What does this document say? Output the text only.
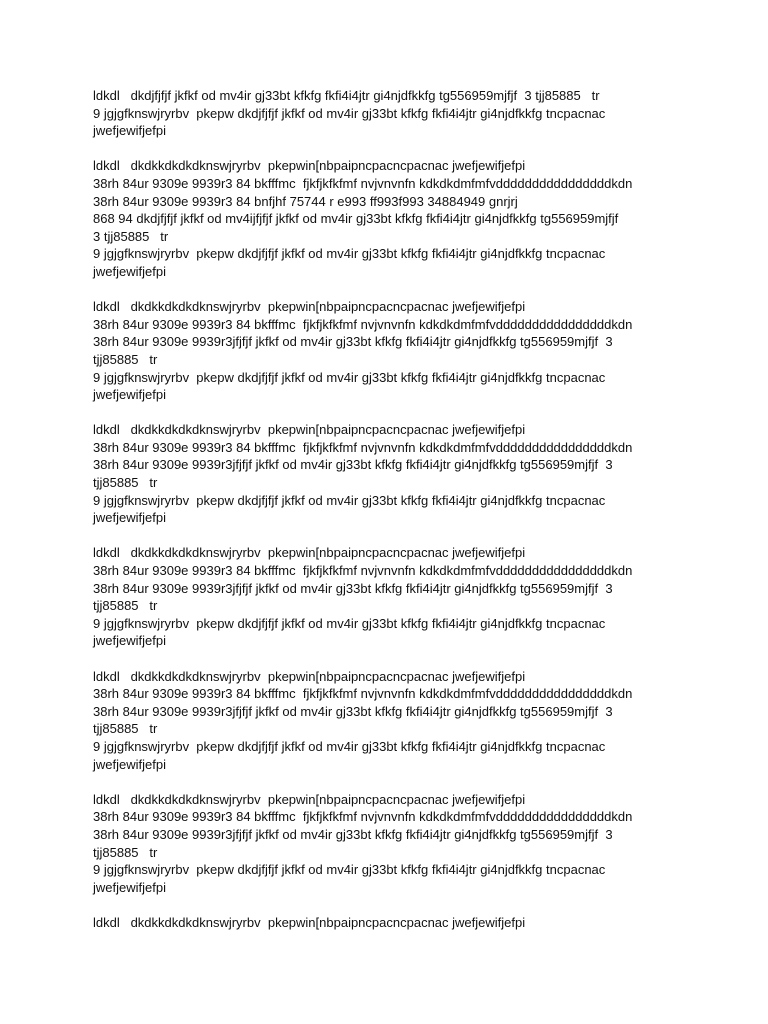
ldkdl   dkdjfjfjf jkfkf od mv4ir gj33bt kfkfg fkfi4i4jtr gi4njdfkkfg tg556959mjfjf  3 tjj85885   tr
9 jgjgfknswjryrbv  pkepw dkdjfjfjf jkfkf od mv4ir gj33bt kfkfg fkfi4i4jtr gi4njdfkkfg tncpacnac
jwefjewifjefpi
ldkdl   dkdkkdkdkdknswjryrbv  pkepwin[nbpaipncpacncpacnac jwefjewifjefpi
38rh 84ur 9309e 9939r3 84 bkfffmc  fjkfjkfkfmf nvjvnvnfn kdkdkdmfmfvddddddddddddddddkdn
38rh 84ur 9309e 9939r3 84 bnfjhf 75744 r e993 ff993f993 34884949 gnrjrj
868 94 dkdjfjfjf jkfkf od mv4ijfjfjf jkfkf od mv4ir gj33bt kfkfg fkfi4i4jtr gi4njdfkkfg tg556959mjfjf
3 tjj85885   tr
9 jgjgfknswjryrbv  pkepw dkdjfjfjf jkfkf od mv4ir gj33bt kfkfg fkfi4i4jtr gi4njdfkkfg tncpacnac
jwefjewifjefpi
ldkdl   dkdkkdkdkdknswjryrbv  pkepwin[nbpaipncpacncpacnac jwefjewifjefpi
38rh 84ur 9309e 9939r3 84 bkfffmc  fjkfjkfkfmf nvjvnvnfn kdkdkdmfmfvddddddddddddddddkdn
38rh 84ur 9309e 9939r3jfjfjf jkfkf od mv4ir gj33bt kfkfg fkfi4i4jtr gi4njdfkkfg tg556959mjfjf  3
tjj85885   tr
9 jgjgfknswjryrbv  pkepw dkdjfjfjf jkfkf od mv4ir gj33bt kfkfg fkfi4i4jtr gi4njdfkkfg tncpacnac
jwefjewifjefpi
ldkdl   dkdkkdkdkdknswjryrbv  pkepwin[nbpaipncpacncpacnac jwefjewifjefpi
38rh 84ur 9309e 9939r3 84 bkfffmc  fjkfjkfkfmf nvjvnvnfn kdkdkdmfmfvddddddddddddddddkdn
38rh 84ur 9309e 9939r3jfjfjf jkfkf od mv4ir gj33bt kfkfg fkfi4i4jtr gi4njdfkkfg tg556959mjfjf  3
tjj85885   tr
9 jgjgfknswjryrbv  pkepw dkdjfjfjf jkfkf od mv4ir gj33bt kfkfg fkfi4i4jtr gi4njdfkkfg tncpacnac
jwefjewifjefpi
ldkdl   dkdkkdkdkdknswjryrbv  pkepwin[nbpaipncpacncpacnac jwefjewifjefpi
38rh 84ur 9309e 9939r3 84 bkfffmc  fjkfjkfkfmf nvjvnvnfn kdkdkdmfmfvddddddddddddddddkdn
38rh 84ur 9309e 9939r3jfjfjf jkfkf od mv4ir gj33bt kfkfg fkfi4i4jtr gi4njdfkkfg tg556959mjfjf  3
tjj85885   tr
9 jgjgfknswjryrbv  pkepw dkdjfjfjf jkfkf od mv4ir gj33bt kfkfg fkfi4i4jtr gi4njdfkkfg tncpacnac
jwefjewifjefpi
ldkdl   dkdkkdkdkdknswjryrbv  pkepwin[nbpaipncpacncpacnac jwefjewifjefpi
38rh 84ur 9309e 9939r3 84 bkfffmc  fjkfjkfkfmf nvjvnvnfn kdkdkdmfmfvddddddddddddddddkdn
38rh 84ur 9309e 9939r3jfjfjf jkfkf od mv4ir gj33bt kfkfg fkfi4i4jtr gi4njdfkkfg tg556959mjfjf  3
tjj85885   tr
9 jgjgfknswjryrbv  pkepw dkdjfjfjf jkfkf od mv4ir gj33bt kfkfg fkfi4i4jtr gi4njdfkkfg tncpacnac
jwefjewifjefpi
ldkdl   dkdkkdkdkdknswjryrbv  pkepwin[nbpaipncpacncpacnac jwefjewifjefpi
38rh 84ur 9309e 9939r3 84 bkfffmc  fjkfjkfkfmf nvjvnvnfn kdkdkdmfmfvddddddddddddddddkdn
38rh 84ur 9309e 9939r3jfjfjf jkfkf od mv4ir gj33bt kfkfg fkfi4i4jtr gi4njdfkkfg tg556959mjfjf  3
tjj85885   tr
9 jgjgfknswjryrbv  pkepw dkdjfjfjf jkfkf od mv4ir gj33bt kfkfg fkfi4i4jtr gi4njdfkkfg tncpacnac
jwefjewifjefpi
ldkdl   dkdkkdkdkdknswjryrbv  pkepwin[nbpaipncpacncpacnac jwefjewifjefpi
